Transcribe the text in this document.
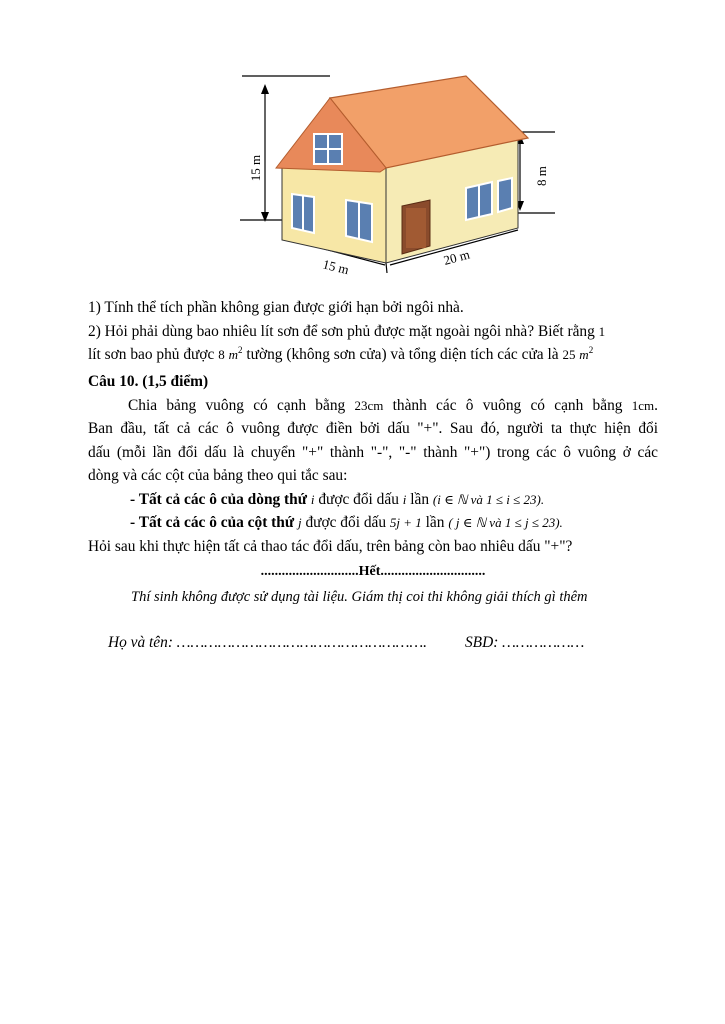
15 m	8 m
15 m	20 m
1) Tính thể tích phần không gian được giới hạn bởi ngôi nhà.
2) Hỏi phải dùng bao nhiêu lít sơn để sơn phủ được mặt ngoài ngôi nhà? Biết rằng 1
lít sơn bao phủ được 8 $m^2$ tường (không sơn cửa) và tổng diện tích các cửa là 25 $m^2$
Câu 10. (1,5 điểm)
Chia bảng vuông có cạnh bằng 23cm thành các ô vuông có cạnh bằng 1cm.
Ban đầu, tất cả các ô vuông được điền bởi dấu "+". Sau đó, người ta thực hiện đổi
dấu (mỗi lần đổi dấu là chuyển "+" thành "-", "-" thành "+") trong các ô vuông ở các
dòng và các cột của bảng theo qui tắc sau:
- Tất cả các ô của dòng thứ i được đổi dấu i lần (i ∈ ℕ và 1 ≤ i ≤ 23).
- Tất cả các ô của cột thứ j được đổi dấu 5j + 1 lần ( j ∈ ℕ và 1 ≤ j ≤ 23).
Hỏi sau khi thực hiện tất cả thao tác đổi dấu, trên bảng còn bao nhiêu dấu "+"?
............................Hết..............................
Thí sinh không được sử dụng tài liệu. Giám thị coi thi không giải thích gì thêm
Họ và tên: ………………………………………………. SBD: ………………
